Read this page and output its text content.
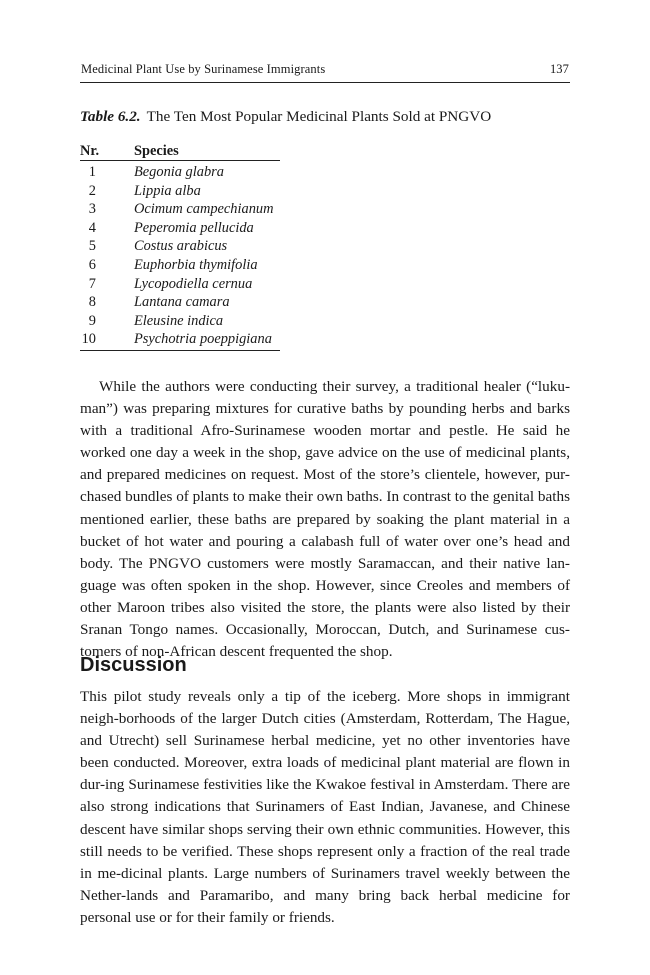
Medicinal Plant Use by Surinamese Immigrants	137
Table 6.2. The Ten Most Popular Medicinal Plants Sold at PNGVO
Nr.	Species
1	Begonia glabra
2	Lippia alba
3	Ocimum campechianum
4	Peperomia pellucida
5	Costus arabicus
6	Euphorbia thymifolia
7	Lycopodiella cernua
8	Lantana camara
9	Eleusine indica
10	Psychotria poeppigiana

While the authors were conducting their survey, a traditional healer (“luku-man”) was preparing mixtures for curative baths by pounding herbs and barks with a traditional Afro-Surinamese wooden mortar and pestle. He said he worked one day a week in the shop, gave advice on the use of medicinal plants, and prepared medicines on request. Most of the store’s clientele, however, pur-chased bundles of plants to make their own baths. In contrast to the genital baths mentioned earlier, these baths are prepared by soaking the plant material in a bucket of hot water and pouring a calabash full of water over one’s head and body. The PNGVO customers were mostly Saramaccan, and their native lan-guage was often spoken in the shop. However, since Creoles and members of other Maroon tribes also visited the store, the plants were also listed by their Sranan Tongo names. Occasionally, Moroccan, Dutch, and Surinamese cus-tomers of non-African descent frequented the shop.

Discussion

This pilot study reveals only a tip of the iceberg. More shops in immigrant neigh-borhoods of the larger Dutch cities (Amsterdam, Rotterdam, The Hague, and Utrecht) sell Surinamese herbal medicine, yet no other inventories have been conducted. Moreover, extra loads of medicinal plant material are flown in dur-ing Surinamese festivities like the Kwakoe festival in Amsterdam. There are also strong indications that Surinamers of East Indian, Javanese, and Chinese descent have similar shops serving their own ethnic communities. However, this still needs to be verified. These shops represent only a fraction of the real trade in me-dicinal plants. Large numbers of Surinamers travel weekly between the Nether-lands and Paramaribo, and many bring back herbal medicine for personal use or for their family or friends.
